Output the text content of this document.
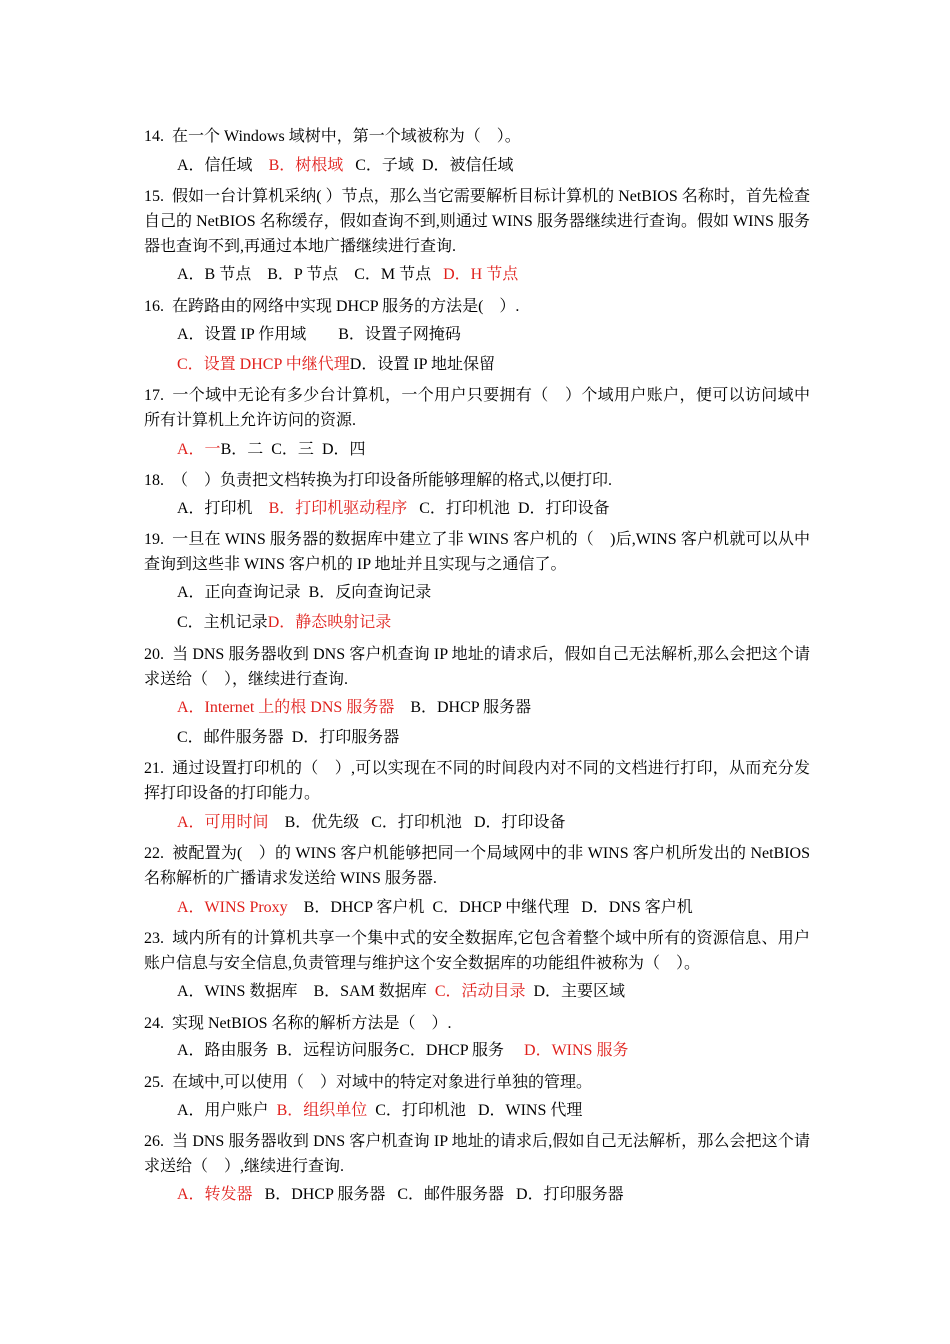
14. 在一个 Windows 域树中，第一个域被称为（　）。

A．信任域 B．树根域 C．子域 D．被信任域

15. 假如一台计算机采纳( ）节点，那么当它需要解析目标计算机的 NetBIOS 名称时，首先检查自己的 NetBIOS 名称缓存，假如查询不到,则通过 WINS 服务器继续进行查询。假如 WINS 服务器也查询不到,再通过本地广播继续进行查询.

A．B 节点 B．P 节点 C．M 节点 D．H 节点

16. 在跨路由的网络中实现 DHCP 服务的方法是(　）.

A．设置 IP 作用域 B．设置子网掩码

C．设置 DHCP 中继代理D．设置 IP 地址保留

17. 一个域中无论有多少台计算机，一个用户只要拥有（　）个域用户账户，便可以访问域中所有计算机上允许访问的资源.

A．一B．二 C．三 D．四

18. （　）负责把文档转换为打印设备所能够理解的格式,以便打印.

A．打印机 B．打印机驱动程序 C．打印机池 D．打印设备

19. 一旦在 WINS 服务器的数据库中建立了非 WINS 客户机的（　)后,WINS 客户机就可以从中查询到这些非 WINS 客户机的 IP 地址并且实现与之通信了。

A．正向查询记录 B．反向查询记录

C．主机记录D．静态映射记录

20. 当 DNS 服务器收到 DNS 客户机查询 IP 地址的请求后，假如自己无法解析,那么会把这个请求送给（　），继续进行查询.

A．Internet 上的根 DNS 服务器 B．DHCP 服务器

C．邮件服务器 D．打印服务器

21. 通过设置打印机的（　）,可以实现在不同的时间段内对不同的文档进行打印，从而充分发挥打印设备的打印能力。

A．可用时间 B．优先级 C．打印机池 D．打印设备

22. 被配置为(　）的 WINS 客户机能够把同一个局域网中的非 WINS 客户机所发出的 NetBIOS 名称解析的广播请求发送给 WINS 服务器.

A．WINS Proxy B．DHCP 客户机 C．DHCP 中继代理 D．DNS 客户机

23. 域内所有的计算机共享一个集中式的安全数据库,它包含着整个域中所有的资源信息、用户账户信息与安全信息,负责管理与维护这个安全数据库的功能组件被称为（　）。

A．WINS 数据库 B．SAM 数据库 C．活动目录 D．主要区域

24. 实现 NetBIOS 名称的解析方法是（　）.

A．路由服务 B．远程访问服务C．DHCP 服务 D．WINS 服务

25. 在域中,可以使用（　）对域中的特定对象进行单独的管理。

A．用户账户 B．组织单位 C．打印机池 D．WINS 代理

26. 当 DNS 服务器收到 DNS 客户机查询 IP 地址的请求后,假如自己无法解析，那么会把这个请求送给（　）,继续进行查询.

A．转发器 B．DHCP 服务器 C．邮件服务器 D．打印服务器
